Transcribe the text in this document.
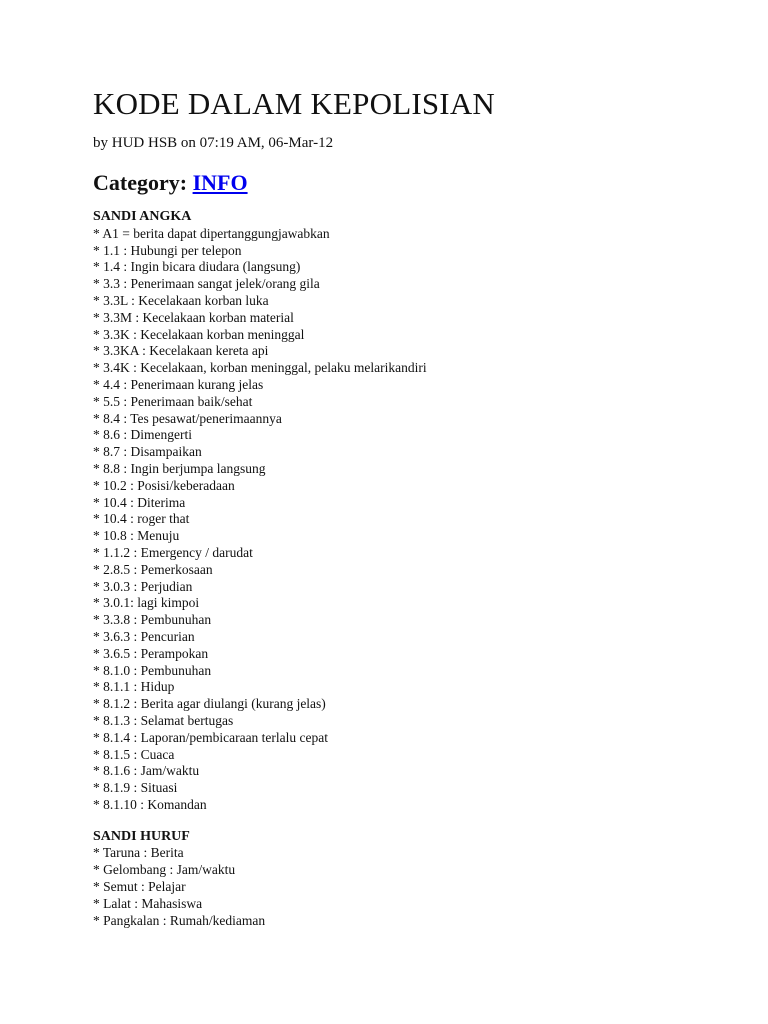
KODE DALAM KEPOLISIAN
by HUD HSB on 07:19 AM, 06-Mar-12
Category: INFO
SANDI ANGKA
* A1 = berita dapat dipertanggungjawabkan
* 1.1 : Hubungi per telepon
* 1.4 : Ingin bicara diudara (langsung)
* 3.3 : Penerimaan sangat jelek/orang gila
* 3.3L : Kecelakaan korban luka
* 3.3M : Kecelakaan korban material
* 3.3K : Kecelakaan korban meninggal
* 3.3KA : Kecelakaan kereta api
* 3.4K : Kecelakaan, korban meninggal, pelaku melarikandiri
* 4.4 : Penerimaan kurang jelas
* 5.5 : Penerimaan baik/sehat
* 8.4 : Tes pesawat/penerimaannya
* 8.6 : Dimengerti
* 8.7 : Disampaikan
* 8.8 : Ingin berjumpa langsung
* 10.2 : Posisi/keberadaan
* 10.4 : Diterima
* 10.4 : roger that
* 10.8 : Menuju
* 1.1.2 : Emergency / darudat
* 2.8.5 : Pemerkosaan
* 3.0.3 : Perjudian
* 3.0.1: lagi kimpoi
* 3.3.8 : Pembunuhan
* 3.6.3 : Pencurian
* 3.6.5 : Perampokan
* 8.1.0 : Pembunuhan
* 8.1.1 : Hidup
* 8.1.2 : Berita agar diulangi (kurang jelas)
* 8.1.3 : Selamat bertugas
* 8.1.4 : Laporan/pembicaraan terlalu cepat
* 8.1.5 : Cuaca
* 8.1.6 : Jam/waktu
* 8.1.9 : Situasi
* 8.1.10 : Komandan
SANDI HURUF
* Taruna : Berita
* Gelombang : Jam/waktu
* Semut : Pelajar
* Lalat : Mahasiswa
* Pangkalan : Rumah/kediaman
